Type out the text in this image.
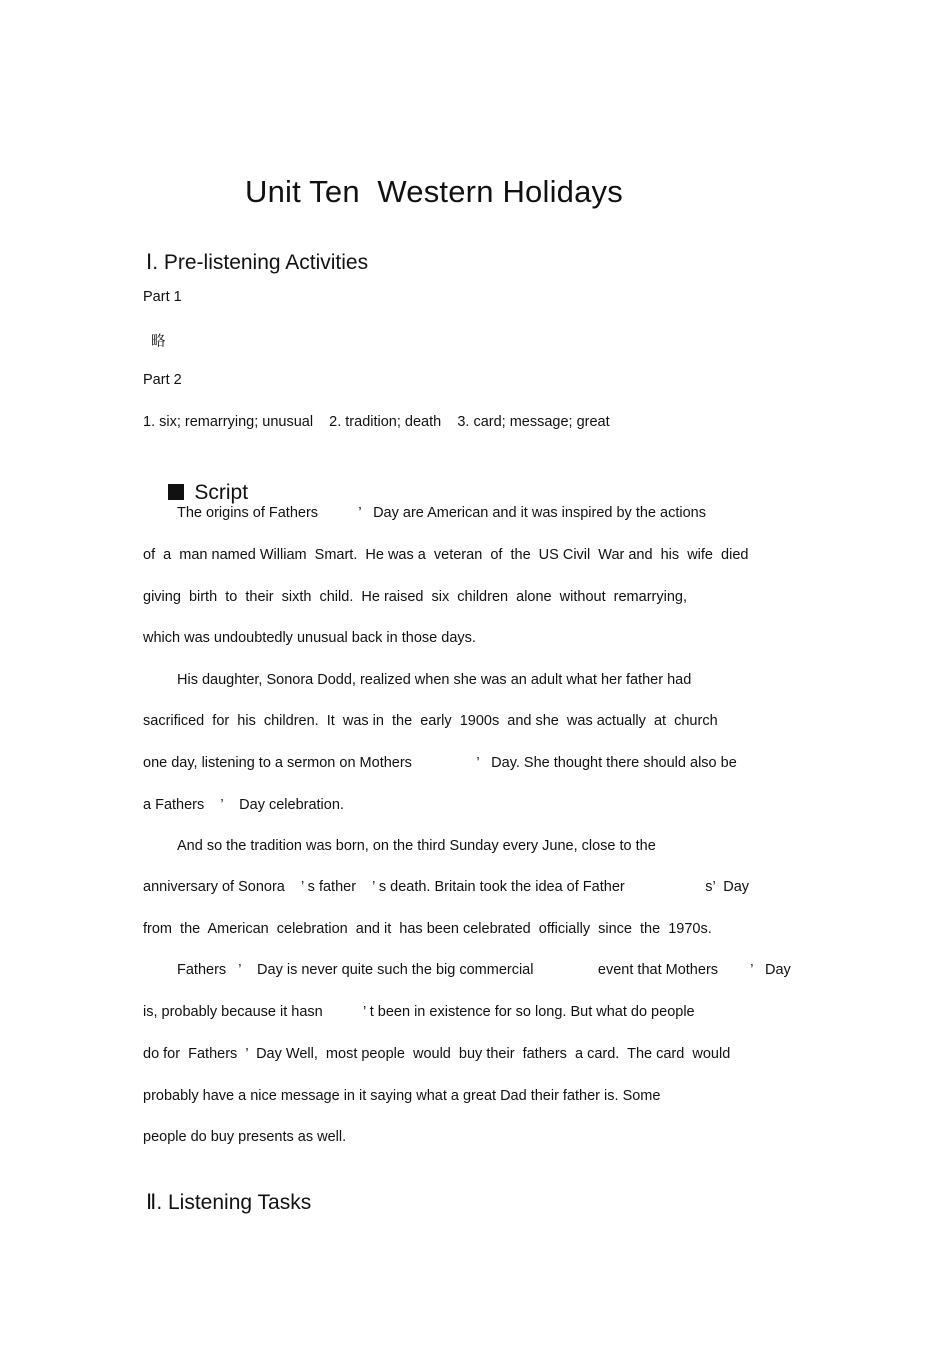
Unit Ten  Western Holidays
Ⅰ. Pre-listening Activities
Part 1
略
Part 2
1. six; remarrying; unusual    2. tradition; death    3. card; message; great

Script

The origins of Fathers          ’   Day are American and it was inspired by the actions
of  a  man named William  Smart.  He was a  veteran  of  the  US Civil  War and  his  wife  died
giving  birth  to  their  sixth  child.  He raised  six  children  alone  without  remarrying,
which was undoubtedly unusual back in those days.
His daughter, Sonora Dodd, realized when she was an adult what her father had
sacrificed  for  his  children.  It  was in  the  early  1900s  and she  was actually  at  church
one day, listening to a sermon on Mothers                ’   Day. She thought there should also be
a Fathers    ’    Day celebration.
And so the tradition was born, on the third Sunday every June, close to the
anniversary of Sonora    ’ s father    ’ s death. Britain took the idea of Father                    s’  Day
from  the  American  celebration  and it  has been celebrated  officially  since  the  1970s.
Fathers   ’    Day is never quite such the big commercial                event that Mothers        ’   Day
is, probably because it hasn          ’ t been in existence for so long. But what do people
do for  Fathers  ’  Day Well,  most people  would  buy their  fathers  a card.  The card  would
probably have a nice message in it saying what a great Dad their father is. Some
people do buy presents as well.
Ⅱ. Listening Tasks
